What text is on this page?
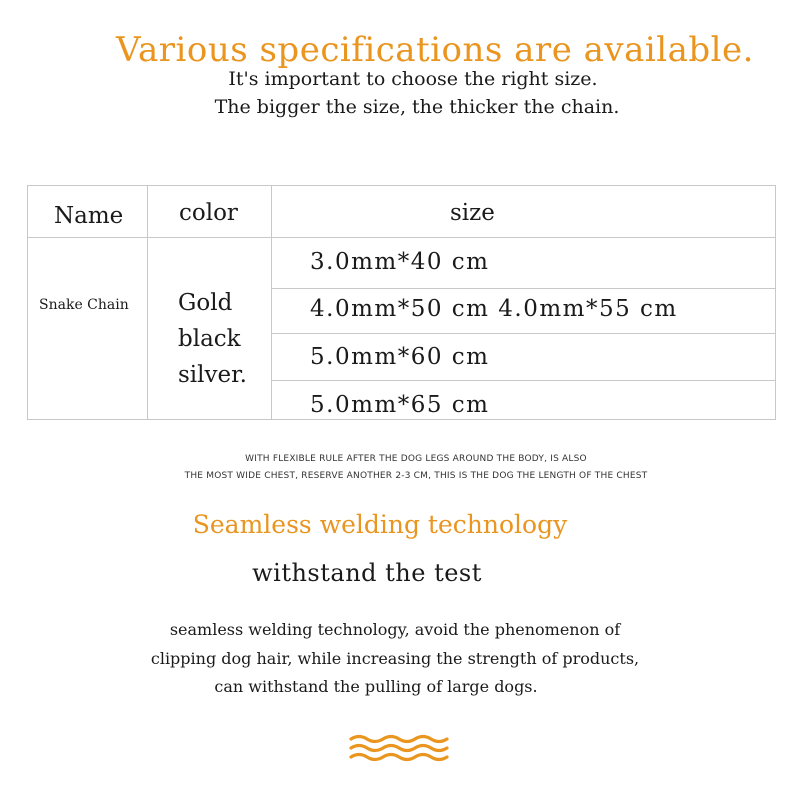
Various specifications are available.
It's important to choose the right size.
The bigger the size, the thicker the chain.
Name color	size
Snake Chain Gold
black
silver.
3.0mm*40 cm
4.0mm*50 cm 4.0mm*55 cm
5.0mm*60 cm
5.0mm*65 cm
WITH FLEXIBLE RULE AFTER THE DOG LEGS AROUND THE BODY, IS ALSO
THE MOST WIDE CHEST, RESERVE ANOTHER 2-3 CM, THIS IS THE DOG THE LENGTH OF THE CHEST
Seamless welding technology
withstand the test
seamless welding technology, avoid the phenomenon of
clipping dog hair, while increasing the strength of products,
can withstand the pulling of large dogs.
